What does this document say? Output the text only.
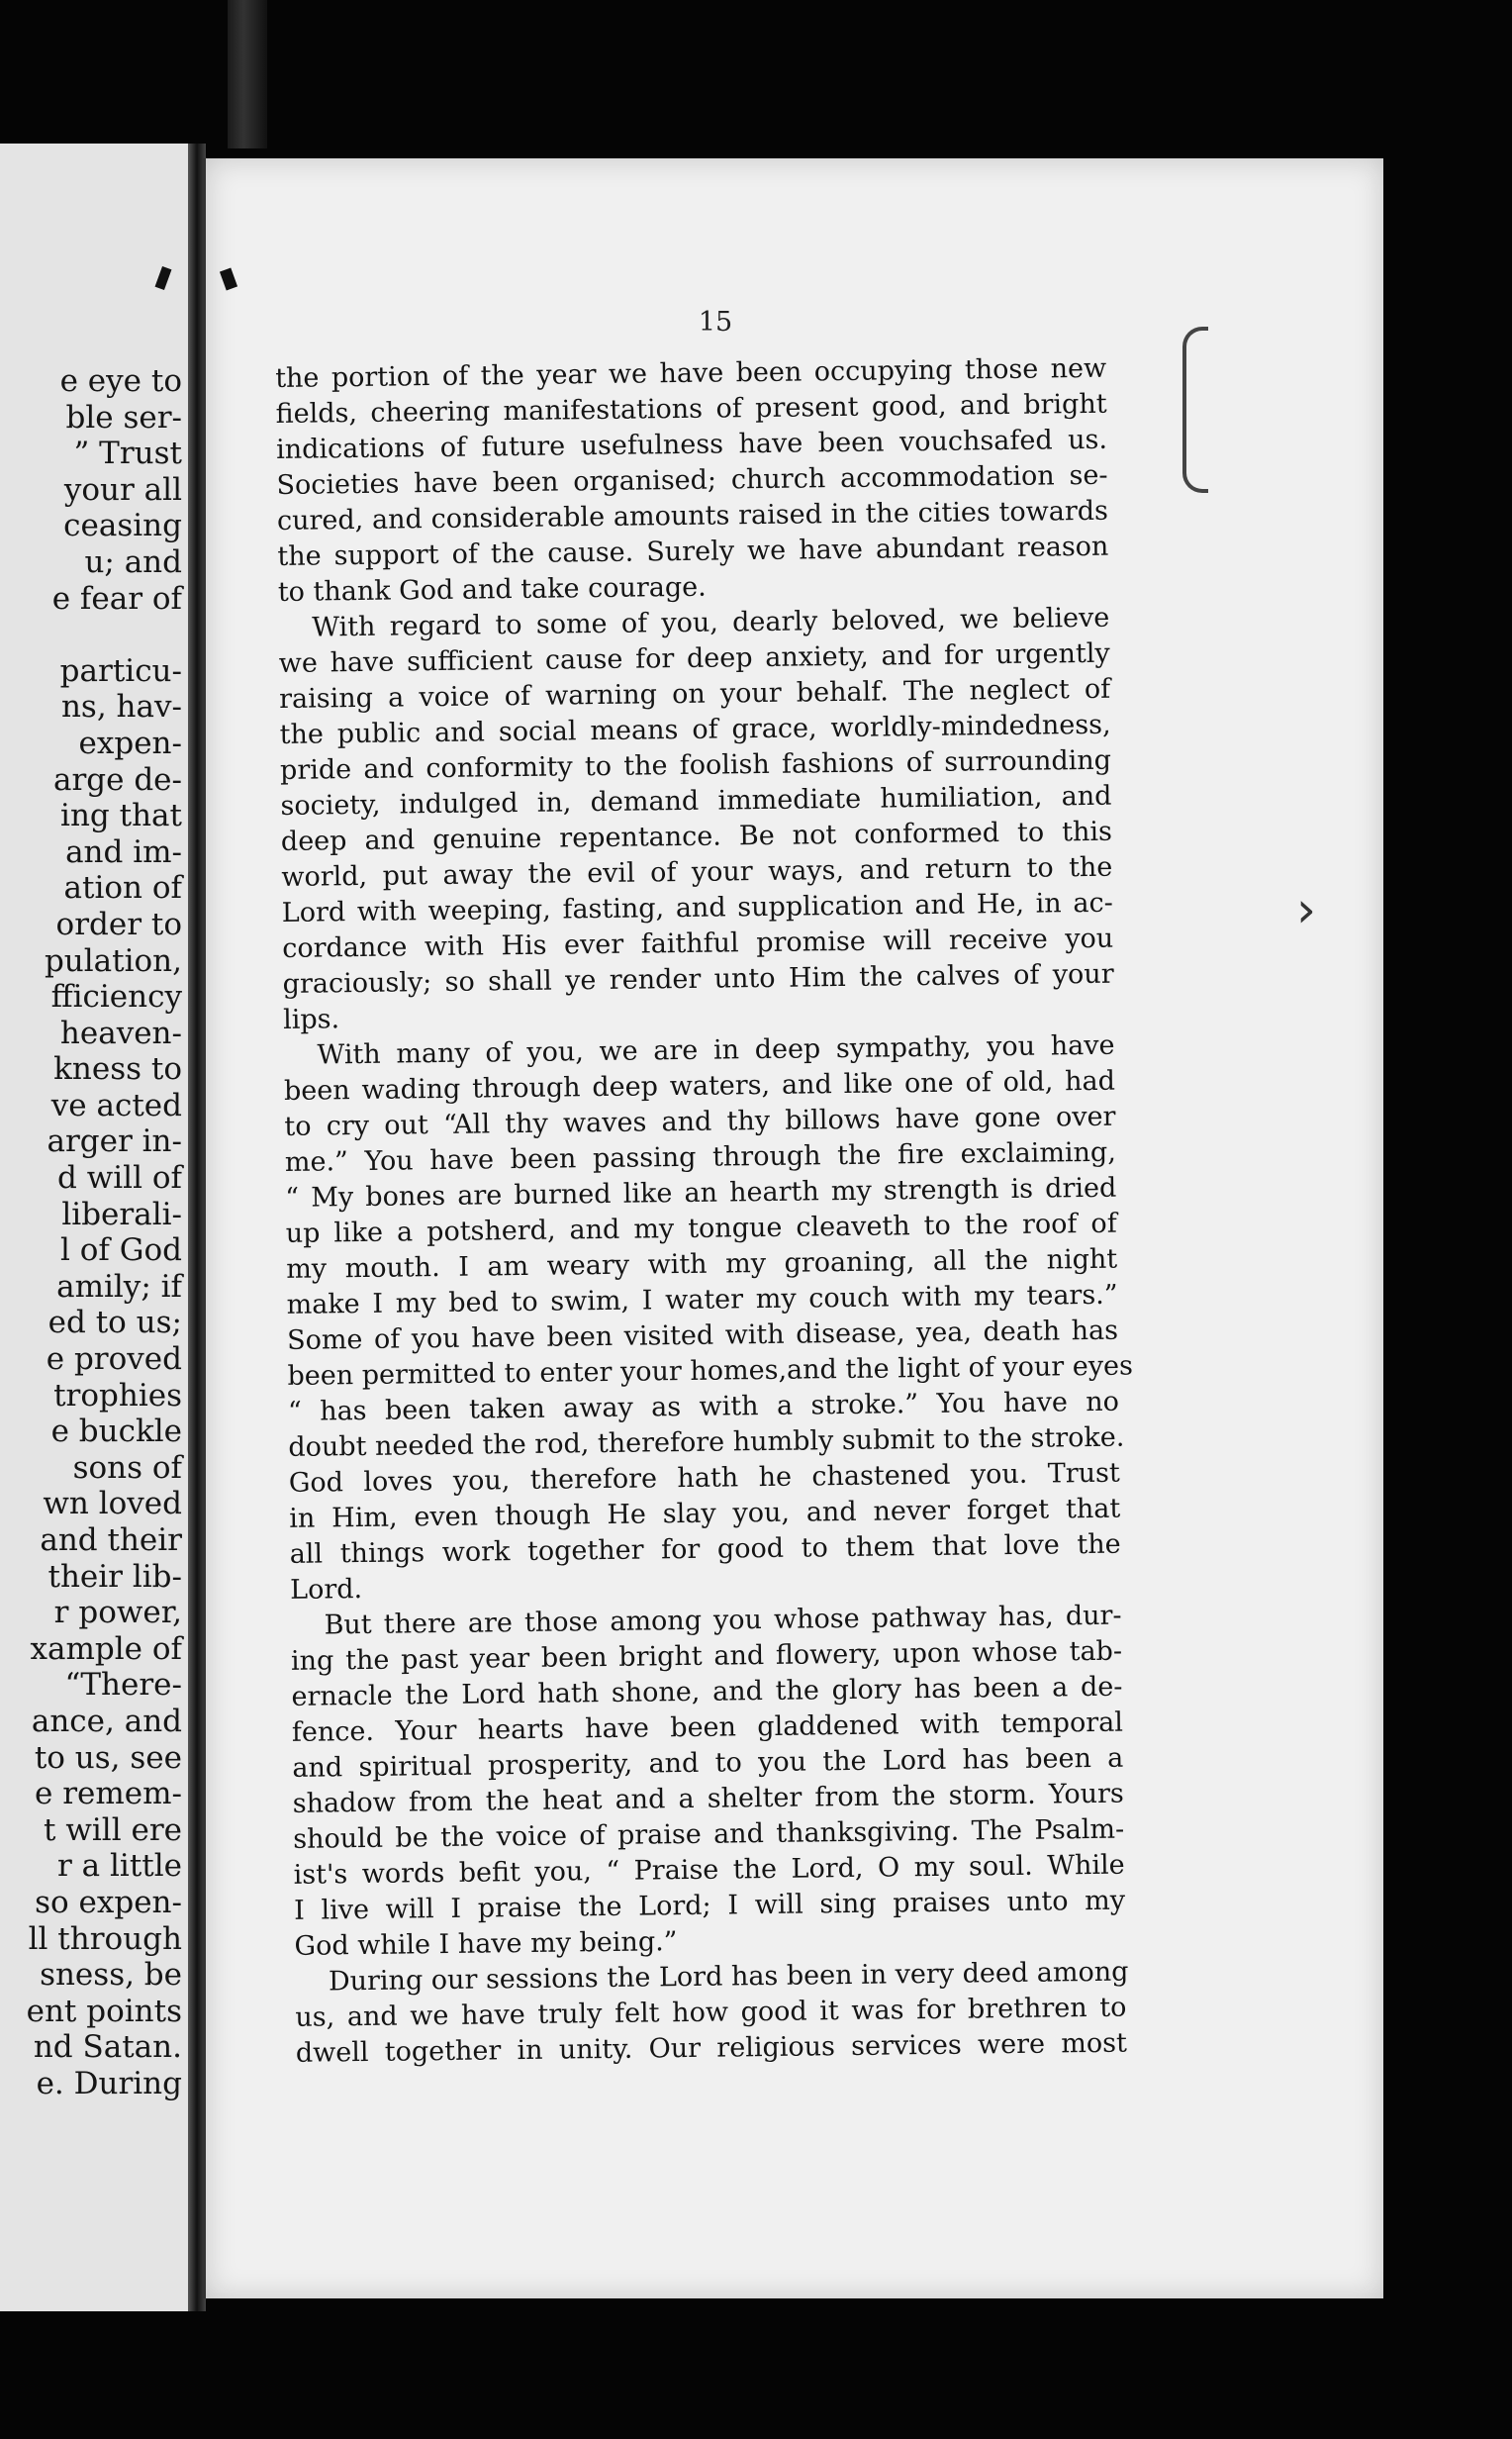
e eye to
ble ser-
” Trust
your all
ceasing
u; and
e fear of
particu-
ns, hav-
expen-
arge de-
ing that
and im-
ation of
order to
pulation,
fficiency
heaven-
kness to
ve acted
arger in-
d will of
liberali-
l of God
amily; if
ed to us;
e proved
trophies
e buckle
sons of
wn loved
and their
their lib-
r power,
xample of
“There-
ance, and
to us, see
e remem-
t will ere
r a little
so expen-
ll through
sness, be
ent points
nd Satan.
e. During
15
the portion of the year we have been occupying those new
fields, cheering manifestations of present good, and bright
indications of future usefulness have been vouchsafed us.
Societies have been organised; church accommodation se-
cured, and considerable amounts raised in the cities towards
the support of the cause. Surely we have abundant reason
to thank God and take courage.
With regard to some of you, dearly beloved, we believe
we have sufficient cause for deep anxiety, and for urgently
raising a voice of warning on your behalf. The neglect of
the public and social means of grace, worldly-mindedness,
pride and conformity to the foolish fashions of surrounding
society, indulged in, demand immediate humiliation, and
deep and genuine repentance. Be not conformed to this
world, put away the evil of your ways, and return to the
Lord with weeping, fasting, and supplication and He, in ac-
cordance with His ever faithful promise will receive you
graciously; so shall ye render unto Him the calves of your
lips.
With many of you, we are in deep sympathy, you have
been wading through deep waters, and like one of old, had
to cry out “All thy waves and thy billows have gone over
me.” You have been passing through the fire exclaiming,
“ My bones are burned like an hearth my strength is dried
up like a potsherd, and my tongue cleaveth to the roof of
my mouth. I am weary with my groaning, all the night
make I my bed to swim, I water my couch with my tears.”
Some of you have been visited with disease, yea, death has
been permitted to enter your homes,and the light of your eyes
“ has been taken away as with a stroke.” You have no
doubt needed the rod, therefore humbly submit to the stroke.
God loves you, therefore hath he chastened you. Trust
in Him, even though He slay you, and never forget that
all things work together for good to them that love the
Lord.
But there are those among you whose pathway has, dur-
ing the past year been bright and flowery, upon whose tab-
ernacle the Lord hath shone, and the glory has been a de-
fence. Your hearts have been gladdened with temporal
and spiritual prosperity, and to you the Lord has been a
shadow from the heat and a shelter from the storm. Yours
should be the voice of praise and thanksgiving. The Psalm-
ist's words befit you, “ Praise the Lord, O my soul. While
I live will I praise the Lord; I will sing praises unto my
God while I have my being.”
During our sessions the Lord has been in very deed among
us, and we have truly felt how good it was for brethren to
dwell together in unity. Our religious services were most
›
